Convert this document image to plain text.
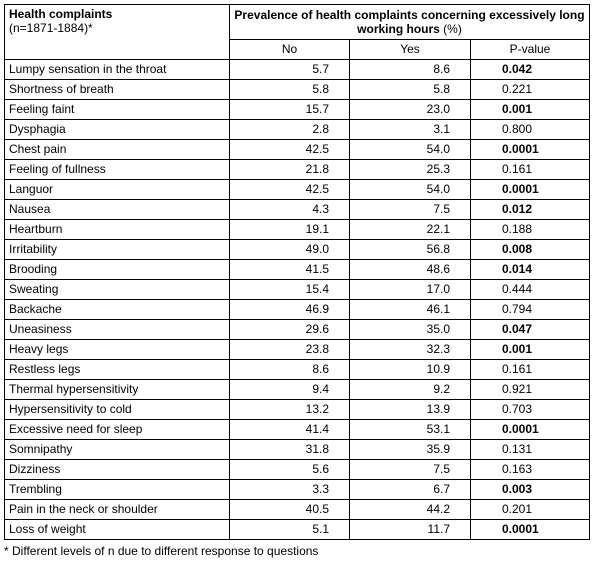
Health complaints
(n=1871-1884)*	Prevalence of health complaints concerning excessively long working hours (%)		
	No	Yes	P-value
Lumpy sensation in the throat	5.7	8.6	0.042
Shortness of breath	5.8	5.8	0.221
Feeling faint	15.7	23.0	0.001
Dysphagia	2.8	3.1	0.800
Chest pain	42.5	54.0	0.0001
Feeling of fullness	21.8	25.3	0.161
Languor	42.5	54.0	0.0001
Nausea	4.3	7.5	0.012
Heartburn	19.1	22.1	0.188
Irritability	49.0	56.8	0.008
Brooding	41.5	48.6	0.014
Sweating	15.4	17.0	0.444
Backache	46.9	46.1	0.794
Uneasiness	29.6	35.0	0.047
Heavy legs	23.8	32.3	0.001
Restless legs	8.6	10.9	0.161
Thermal hypersensitivity	9.4	9.2	0.921
Hypersensitivity to cold	13.2	13.9	0.703
Excessive need for sleep	41.4	53.1	0.0001
Somnipathy	31.8	35.9	0.131
Dizziness	5.6	7.5	0.163
Trembling	3.3	6.7	0.003
Pain in the neck or shoulder	40.5	44.2	0.201
Loss of weight	5.1	11.7	0.0001
* Different levels of n due to different response to questions
